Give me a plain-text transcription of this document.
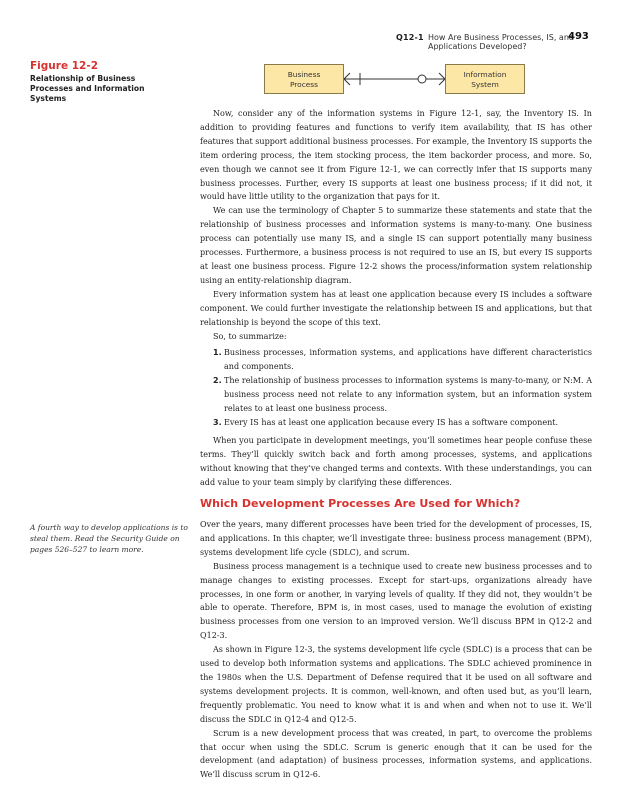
Q12-1 How Are Business Processes, IS, and Applications Developed?
493
Figure 12-2
Relationship of Business Processes and Information Systems
Business
Process
Information
System

Now, consider any of the information systems in Figure 12-1, say, the Inventory IS. In addition to providing features and functions to verify item availability, that IS has other features that support additional business processes. For example, the Inventory IS supports the item ordering process, the item stocking process, the item backorder process, and more. So, even though we cannot see it from Figure 12-1, we can correctly infer that IS supports many business processes. Further, every IS supports at least one business process; if it did not, it would have little utility to the organization that pays for it.

We can use the terminology of Chapter 5 to summarize these statements and state that the relationship of business processes and information systems is many-to-many. One business process can potentially use many IS, and a single IS can support potentially many business processes. Furthermore, a business process is not required to use an IS, but every IS supports at least one business process. Figure 12-2 shows the process/information system relationship using an entity-relationship diagram.

Every information system has at least one application because every IS includes a software component. We could further investigate the relationship between IS and applications, but that relationship is beyond the scope of this text.

So, to summarize:

1. Business processes, information systems, and applications have different characteristics and components.
2. The relationship of business processes to information systems is many-to-many, or N:M. A business process need not relate to any information system, but an information system relates to at least one business process.
3. Every IS has at least one application because every IS has a software component.

When you participate in development meetings, you’ll sometimes hear people confuse these terms. They’ll quickly switch back and forth among processes, systems, and applications without knowing that they’ve changed terms and contexts. With these understandings, you can add value to your team simply by clarifying these differences.

Which Development Processes Are Used for Which?
A fourth way to develop applications is to steal them. Read the Security Guide on pages 526–527 to learn more.

Over the years, many different processes have been tried for the development of processes, IS, and applications. In this chapter, we’ll investigate three: business process management (BPM), systems development life cycle (SDLC), and scrum.

Business process management is a technique used to create new business processes and to manage changes to existing processes. Except for start-ups, organizations already have processes, in one form or another, in varying levels of quality. If they did not, they wouldn’t be able to operate. Therefore, BPM is, in most cases, used to manage the evolution of existing business processes from one version to an improved version. We’ll discuss BPM in Q12-2 and Q12-3.

As shown in Figure 12-3, the systems development life cycle (SDLC) is a process that can be used to develop both information systems and applications. The SDLC achieved prominence in the 1980s when the U.S. Department of Defense required that it be used on all software and systems development projects. It is common, well-known, and often used but, as you’ll learn, frequently problematic. You need to know what it is and when and when not to use it. We’ll discuss the SDLC in Q12-4 and Q12-5.

Scrum is a new development process that was created, in part, to overcome the problems that occur when using the SDLC. Scrum is generic enough that it can be used for the development (and adaptation) of business processes, information systems, and applications. We’ll discuss scrum in Q12-6.
